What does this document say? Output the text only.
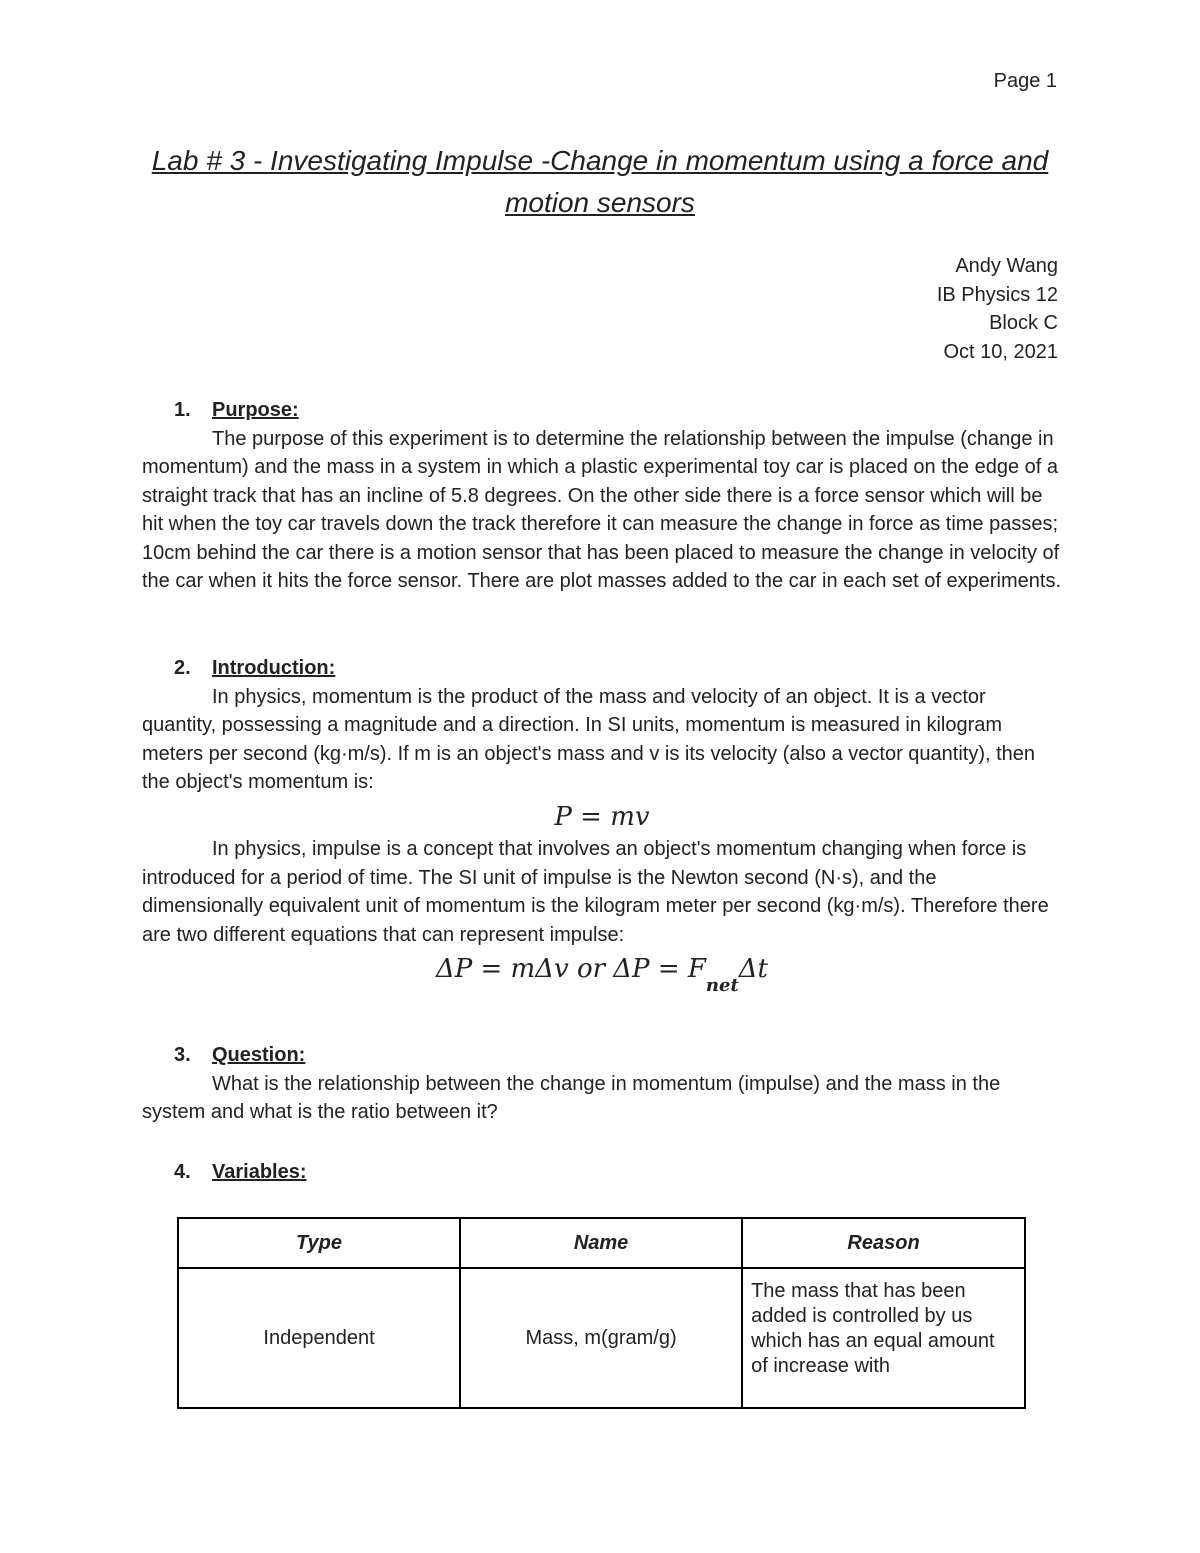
Page 1
Lab # 3 - Investigating Impulse -Change in momentum using a force and motion sensors
Andy Wang
IB Physics 12
Block C
Oct 10, 2021
1. Purpose:

The purpose of this experiment is to determine the relationship between the impulse (change in momentum) and the mass in a system in which a plastic experimental toy car is placed on the edge of a straight track that has an incline of 5.8 degrees. On the other side there is a force sensor which will be hit when the toy car travels down the track therefore it can measure the change in force as time passes; 10cm behind the car there is a motion sensor that has been placed to measure the change in velocity of the car when it hits the force sensor. There are plot masses added to the car in each set of experiments.

2. Introduction:

In physics, momentum is the product of the mass and velocity of an object. It is a vector quantity, possessing a magnitude and a direction. In SI units, momentum is measured in kilogram meters per second (kg·m/s). If m is an object's mass and v is its velocity (also a vector quantity), then the object's momentum is:

P = mv

In physics, impulse is a concept that involves an object's momentum changing when force is introduced for a period of time. The SI unit of impulse is the Newton second (N·s), and the dimensionally equivalent unit of momentum is the kilogram meter per second (kg·m/s). Therefore there are two different equations that can represent impulse:

ΔP = mΔv or $\Delta P = F_{net}\Delta t$
3. Question:

What is the relationship between the change in momentum (impulse) and the mass in the system and what is the ratio between it?

4. Variables:
Type	Name	Reason
Independent	Mass, m(gram/g)	The mass that has been added is controlled by us which has an equal amount of increase with
